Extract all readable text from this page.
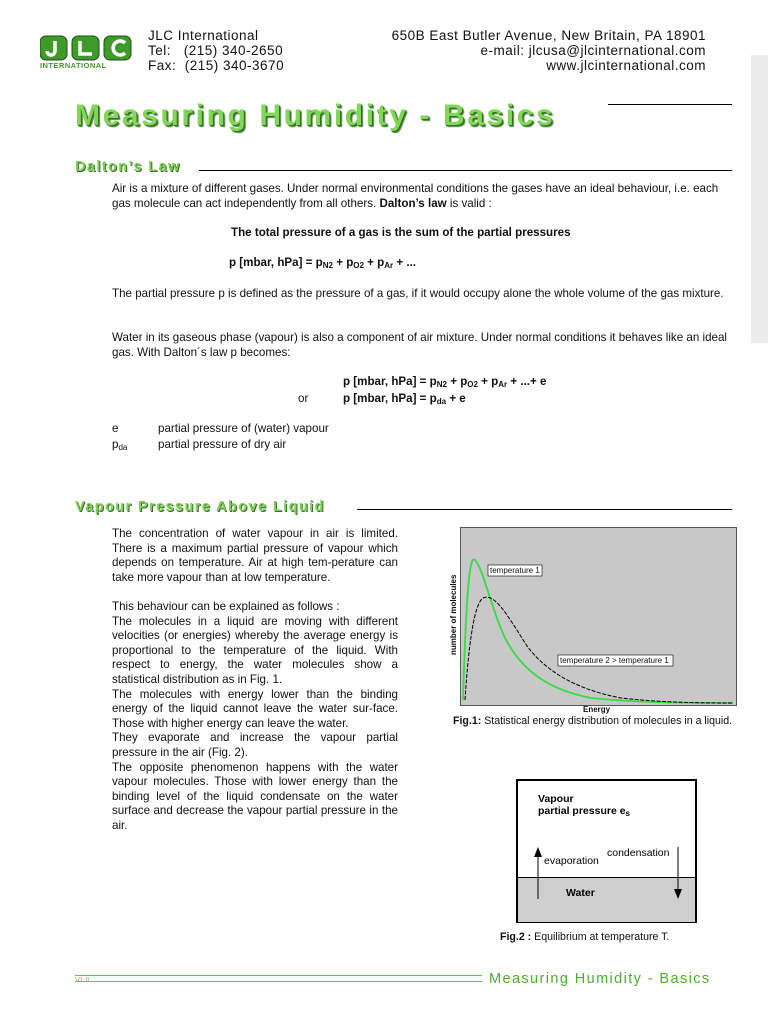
INTERNATIONAL
JLC International
Tel:   (215) 340-2650
Fax:  (215) 340-3670
650B East Butler Avenue, New Britain, PA 18901
e-mail: jlcusa@jlcinternational.com
www.jlcinternational.com
Measuring Humidity - Basics
Dalton’s Law
Air is a mixture of different gases. Under normal environmental conditions the gases have an ideal behaviour, i.e. each gas molecule can act independently from all others. Dalton’s law is valid :
The total pressure of a gas is the sum of the partial pressures
p [mbar, $hPa] = p_{N2} + p_{O2} + p_{Ar}$ + ...
The partial pressure p is defined as the pressure of a gas, if it would occupy alone the whole volume of the gas mixture.
Water in its gaseous phase (vapour) is also a component of air mixture. Under normal conditions it behaves like an ideal gas. With Dalton´s law p becomes:
p [mbar, $hPa] = p_{N2} + p_{O2} + p_{Ar}$ + ...+ e
or	p [mbar, $hPa] = p_{da} + e$
e	partial pressure of (water) vapour
$p_{da}$	partial pressure of dry air
Vapour Pressure Above Liquid
The concentration of water vapour in air is limited. There is a maximum partial pressure of vapour which depends on temperature. Air at high tem-perature can take more vapour than at low temperature.
This behaviour can be explained as follows :
The molecules in a liquid are moving with different velocities (or energies) whereby the average energy is proportional to the temperature of the liquid. With respect to energy, the water molecules show a statistical distribution as in Fig. 1.
The molecules with energy lower than the binding energy of the liquid cannot leave the water sur-face. Those with higher energy can leave the water.
They evaporate and increase the vapour partial pressure in the air (Fig. 2).
The opposite phenomenon happens with the water vapour molecules. Those with lower energy than the binding level of the liquid condensate on the water surface and decrease the vapour partial pressure in the air.
temperature 1
temperature 2 > temperature 1
number of molecules
Energy
Fig.1: Statistical energy distribution of molecules in a liquid.
Vapour
partial pressure $e_s$
evaporation
condensation
Water
Fig.2 : Equilibrium at temperature T.
V1.0	Measuring Humidity - Basics
